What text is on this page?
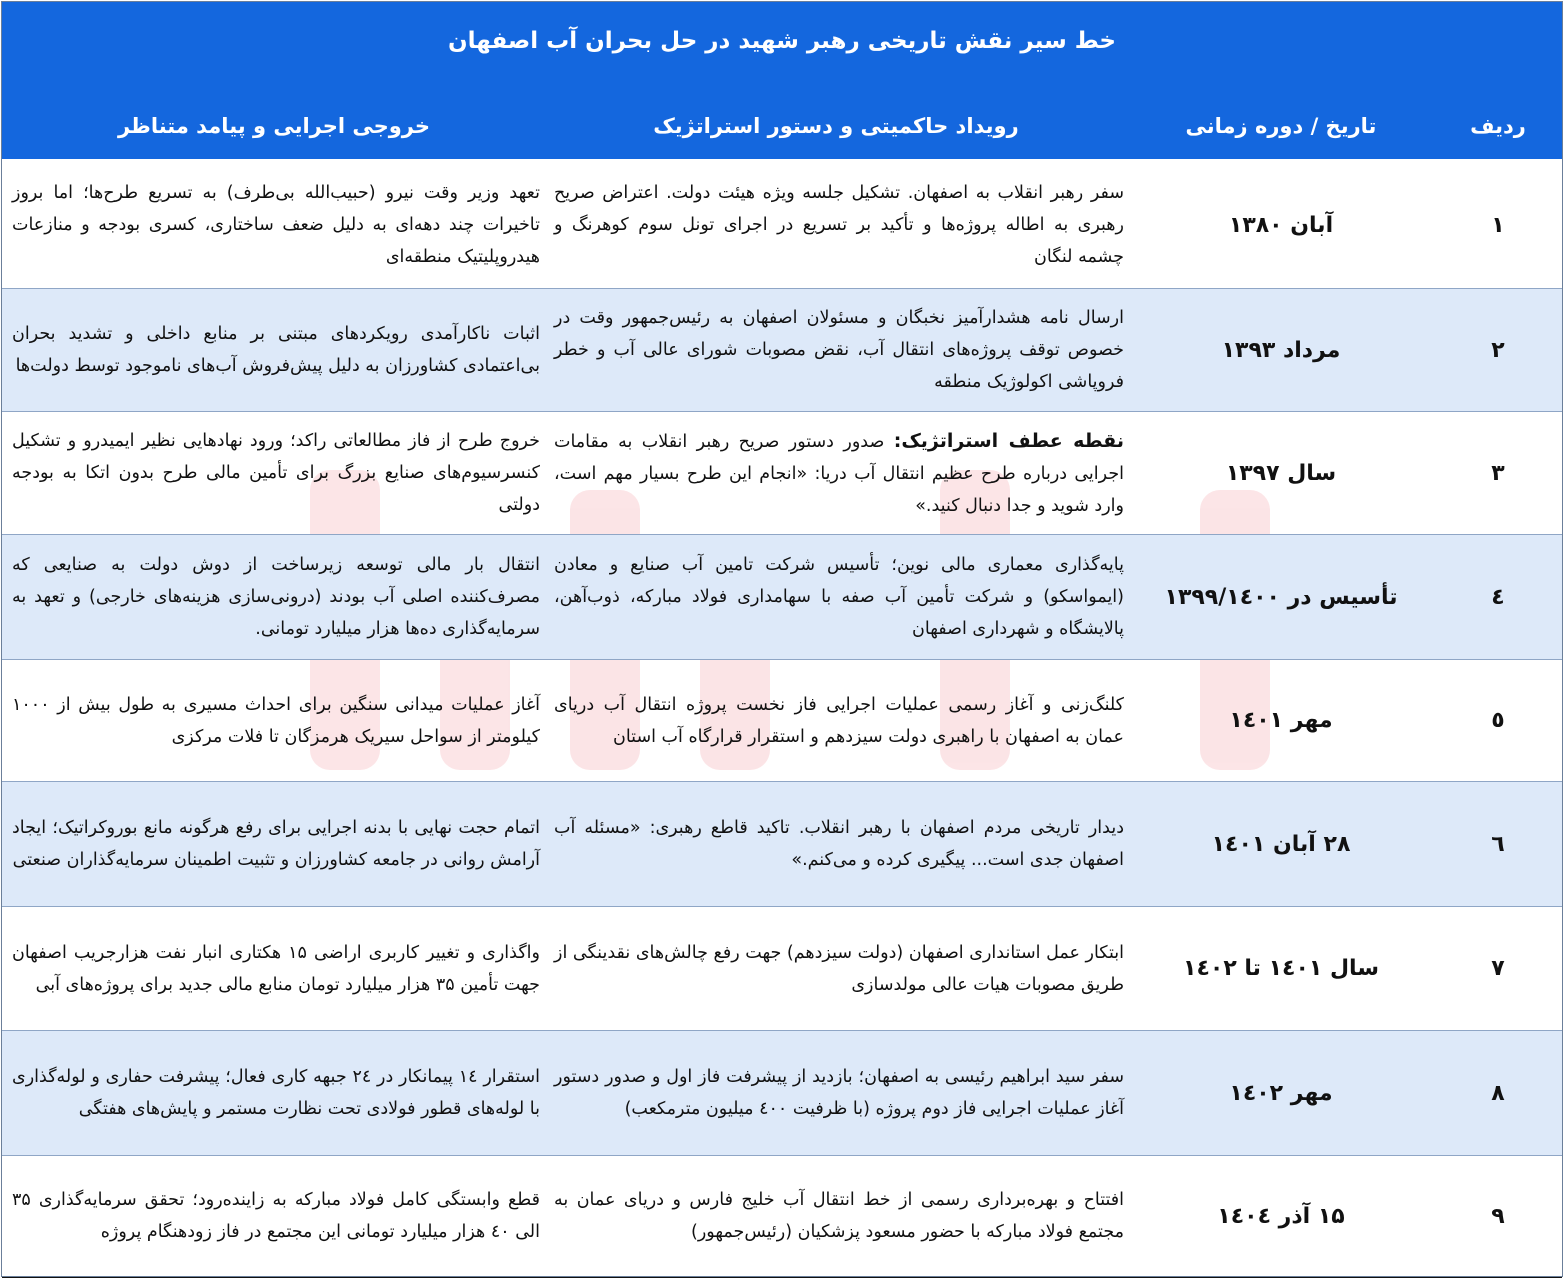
خط سیر نقش تاریخی رهبر شهید در حل بحران آب اصفهان
ردیف
تاریخ / دوره زمانی
رویداد حاکمیتی و دستور استراتژیک
خروجی اجرایی و پیامد متناظر
۱
آبان ۱۳۸۰
سفر رهبر انقلاب به اصفهان. تشکیل جلسه ویژه هیئت دولت. اعتراض صریح رهبری به اطاله پروژه‌ها و تأکید بر تسریع در اجرای تونل سوم کوهرنگ و چشمه لنگان
تعهد وزیر وقت نیرو (حبیب‌الله بی‌طرف) به تسریع طرح‌ها؛ اما بروز تاخیرات چند دهه‌ای به دلیل ضعف ساختاری، کسری بودجه و منازعات هیدروپلیتیک منطقه‌ای
۲
مرداد ۱۳۹۳
ارسال نامه هشدارآمیز نخبگان و مسئولان اصفهان به رئیس‌جمهور وقت در خصوص توقف پروژه‌های انتقال آب، نقض مصوبات شورای عالی آب و خطر فروپاشی اکولوژیک منطقه
اثبات ناکارآمدی رویکردهای مبتنی بر منابع داخلی و تشدید بحران بی‌اعتمادی کشاورزان به دلیل پیش‌فروش آب‌های ناموجود توسط دولت‌ها
۳
سال ۱۳۹۷
نقطه عطف استراتژیک: صدور دستور صریح رهبر انقلاب به مقامات اجرایی درباره طرح عظیم انتقال آب دریا: «انجام این طرح بسیار مهم است، وارد شوید و جدا دنبال کنید.»
خروج طرح از فاز مطالعاتی راکد؛ ورود نهادهایی نظیر ایمیدرو و تشکیل کنسرسیوم‌های صنایع بزرگ برای تأمین مالی طرح بدون اتکا به بودجه دولتی
٤
تأسیس در ۱۳۹۹/۱٤۰۰
پایه‌گذاری معماری مالی نوین؛ تأسیس شرکت تامین آب صنایع و معادن (ایمواسکو) و شرکت تأمین آب صفه با سهامداری فولاد مبارکه، ذوب‌آهن، پالایشگاه و شهرداری اصفهان
انتقال بار مالی توسعه زیرساخت از دوش دولت به صنایعی که مصرف‌کننده اصلی آب بودند (درونی‌سازی هزینه‌های خارجی) و تعهد به سرمایه‌گذاری ده‌ها هزار میلیارد تومانی.
٥
مهر ۱٤۰۱
کلنگ‌زنی و آغاز رسمی عملیات اجرایی فاز نخست پروژه انتقال آب دریای عمان به اصفهان با راهبری دولت سیزدهم و استقرار قرارگاه آب استان
آغاز عملیات میدانی سنگین برای احداث مسیری به طول بیش از ۱۰۰۰ کیلومتر از سواحل سیریک هرمزگان تا فلات مرکزی
٦
۲۸ آبان ۱٤۰۱
دیدار تاریخی مردم اصفهان با رهبر انقلاب. تاکید قاطع رهبری: «مسئله آب اصفهان جدی است... پیگیری کرده و می‌کنم.»
اتمام حجت نهایی با بدنه اجرایی برای رفع هرگونه مانع بوروکراتیک؛ ایجاد آرامش روانی در جامعه کشاورزان و تثبیت اطمینان سرمایه‌گذاران صنعتی
۷
سال ۱٤۰۱ تا ۱٤۰۲
ابتکار عمل استانداری اصفهان (دولت سیزدهم) جهت رفع چالش‌های نقدینگی از طریق مصوبات هیات عالی مولدسازی
واگذاری و تغییر کاربری اراضی ۱۵ هکتاری انبار نفت هزارجریب اصفهان جهت تأمین ۳۵ هزار میلیارد تومان منابع مالی جدید برای پروژه‌های آبی
۸
مهر ۱٤۰۲
سفر سید ابراهیم رئیسی به اصفهان؛ بازدید از پیشرفت فاز اول و صدور دستور آغاز عملیات اجرایی فاز دوم پروژه (با ظرفیت ٤۰۰ میلیون مترمکعب)
استقرار ۱٤ پیمانکار در ۲٤ جبهه کاری فعال؛ پیشرفت حفاری و لوله‌گذاری با لوله‌های قطور فولادی تحت نظارت مستمر و پایش‌های هفتگی
۹
۱۵ آذر ۱٤۰٤
افتتاح و بهره‌برداری رسمی از خط انتقال آب خلیج فارس و دریای عمان به مجتمع فولاد مبارکه با حضور مسعود پزشکیان (رئیس‌جمهور)
قطع وابستگی کامل فولاد مبارکه به زاینده‌رود؛ تحقق سرمایه‌گذاری ۳۵ الی ٤۰ هزار میلیارد تومانی این مجتمع در فاز زودهنگام پروژه
